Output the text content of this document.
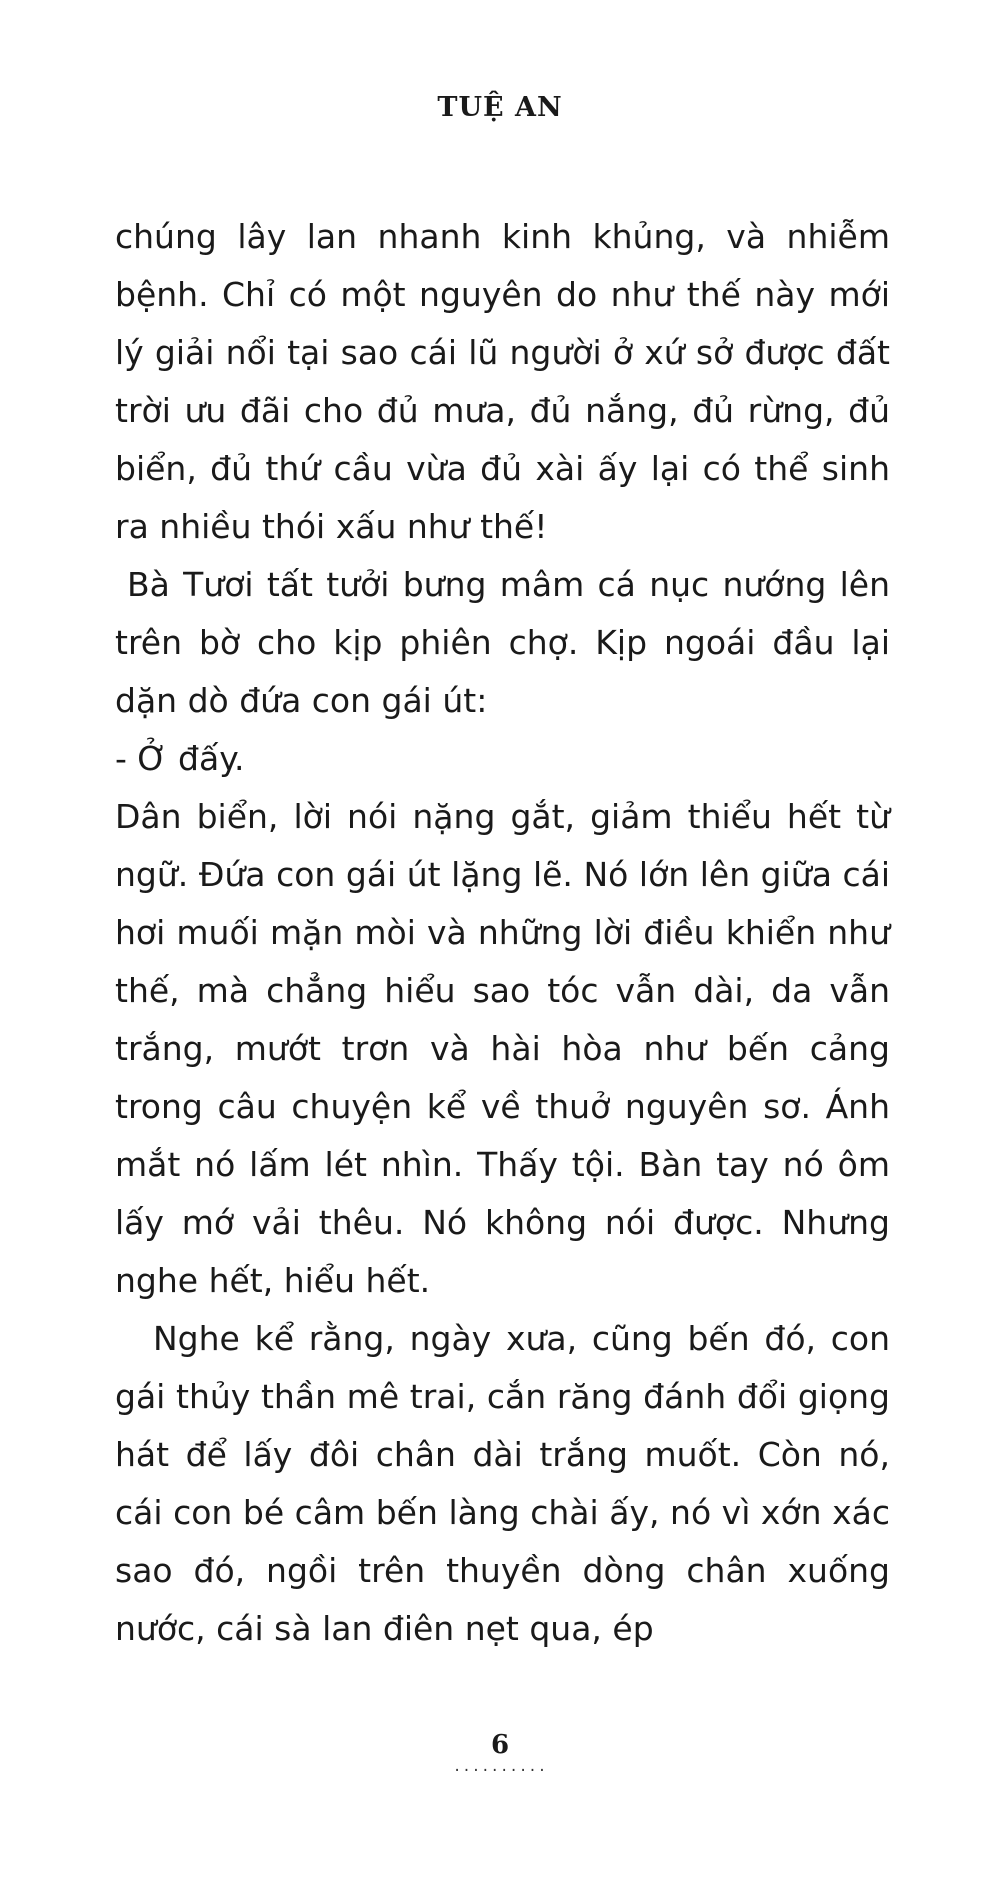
TUỆ AN

chúng lây lan nhanh kinh khủng, và nhiễm bệnh. Chỉ có một nguyên do như thế này mới lý giải nổi tại sao cái lũ người ở xứ sở được đất trời ưu đãi cho đủ mưa, đủ nắng, đủ rừng, đủ biển, đủ thứ cầu vừa đủ xài ấy lại có thể sinh ra nhiều thói xấu như thế!

Bà Tươi tất tưởi bưng mâm cá nục nướng lên trên bờ cho kịp phiên chợ. Kịp ngoái đầu lại dặn dò đứa con gái út:

- Ở đấy.

Dân biển, lời nói nặng gắt, giảm thiểu hết từ ngữ. Đứa con gái út lặng lẽ. Nó lớn lên giữa cái hơi muối mặn mòi và những lời điều khiển như thế, mà chẳng hiểu sao tóc vẫn dài, da vẫn trắng, mướt trơn và hài hòa như bến cảng trong câu chuyện kể về thuở nguyên sơ. Ánh mắt nó lấm lét nhìn. Thấy tội. Bàn tay nó ôm lấy mớ vải thêu. Nó không nói được. Nhưng nghe hết, hiểu hết.

Nghe kể rằng, ngày xưa, cũng bến đó, con gái thủy thần mê trai, cắn răng đánh đổi giọng hát để lấy đôi chân dài trắng muốt. Còn nó, cái con bé câm bến làng chài ấy, nó vì xớn xác sao đó, ngồi trên thuyền dòng chân xuống nước, cái sà lan điên nẹt qua, ép

6
··········
